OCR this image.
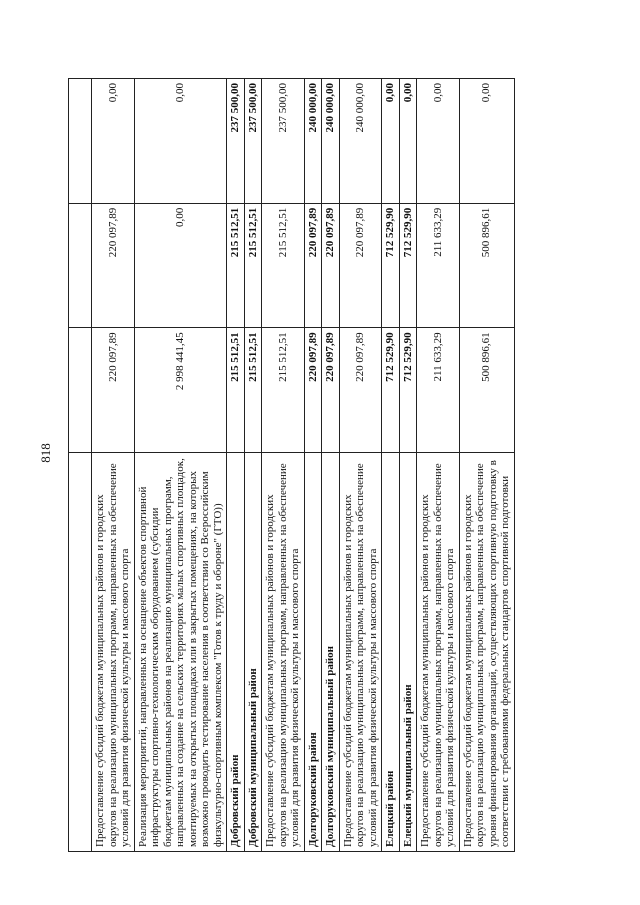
818

Предоставление субсидий бюджетам муниципальных районов и городских округов на реализацию муниципальных программ, направленных на обеспечение условий для развития физической культуры и массового спорта	220 097,89	220 097,89	0,00
Реализация мероприятий, направленных на оснащение объектов спортивной инфраструктуры спортивно-технологическим оборудованием (субсидии бюджетам муниципальных районов на реализацию муниципальных программ, направленных на создание на сельских территориях малых спортивных площадок, монтируемых на открытых площадках или в закрытых помещениях, на которых возможно проводить тестирование населения в соответствии со Всероссийским физкультурно-спортивным комплексом "Готов к труду и обороне" (ГТО))	2 998 441,45	0,00	0,00
Добровский район	215 512,51	215 512,51	237 500,00
Добровский муниципальный район	215 512,51	215 512,51	237 500,00
Предоставление субсидий бюджетам муниципальных районов и городских округов на реализацию муниципальных программ, направленных на обеспечение условий для развития физической культуры и массового спорта	215 512,51	215 512,51	237 500,00
Долгоруковский район	220 097,89	220 097,89	240 000,00
Долгоруковский муниципальный район	220 097,89	220 097,89	240 000,00
Предоставление субсидий бюджетам муниципальных районов и городских округов на реализацию муниципальных программ, направленных на обеспечение условий для развития физической культуры и массового спорта	220 097,89	220 097,89	240 000,00
Елецкий район	712 529,90	712 529,90	0,00
Елецкий муниципальный район	712 529,90	712 529,90	0,00
Предоставление субсидий бюджетам муниципальных районов и городских округов на реализацию муниципальных программ, направленных на обеспечение условий для развития физической культуры и массового спорта	211 633,29	211 633,29	0,00
Предоставление субсидий бюджетам муниципальных районов и городских округов на реализацию муниципальных программ, направленных на обеспечение уровня финансирования организаций, осуществляющих спортивную подготовку в соответствии с требованиями федеральных стандартов спортивной подготовки	500 896,61	500 896,61	0,00
